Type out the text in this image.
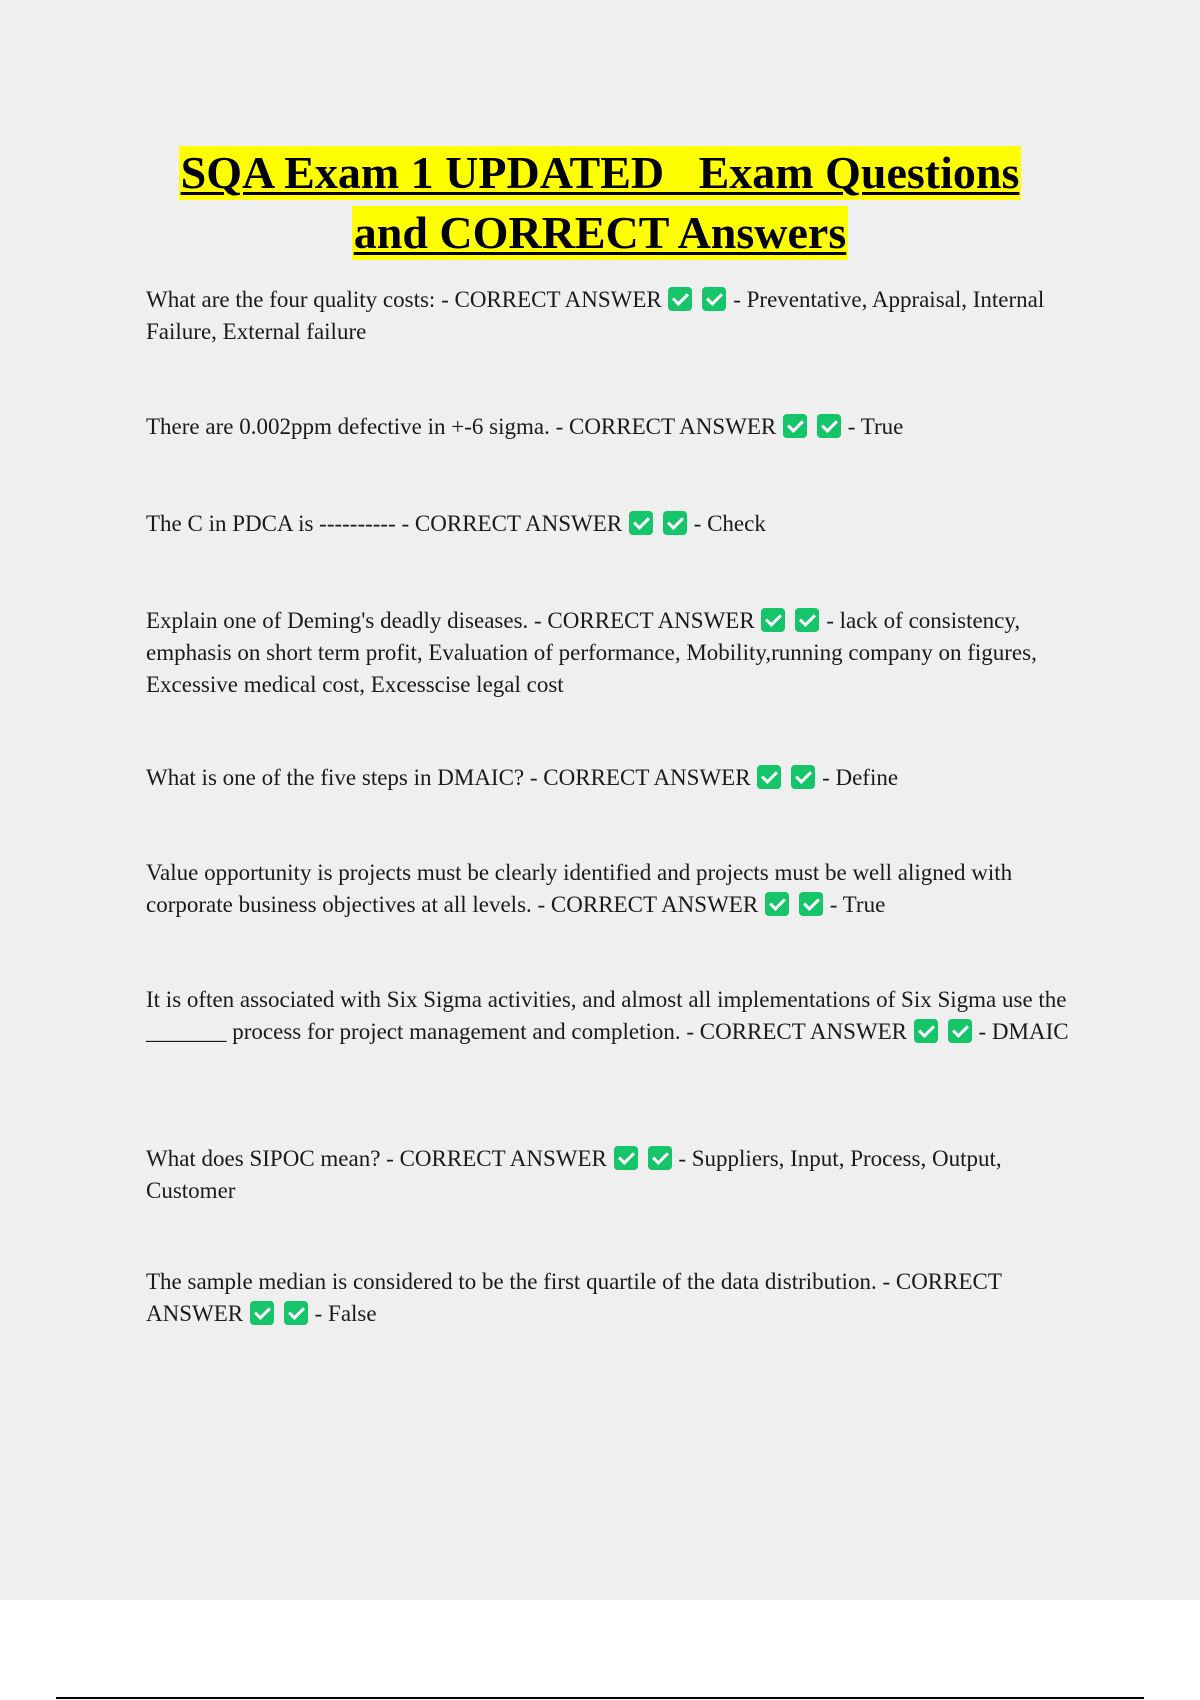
SQA Exam 1 UPDATED   Exam Questions
and CORRECT Answers
What are the four quality costs: - CORRECT ANSWER	- Preventative, Appraisal, Internal Failure, External failure
There are 0.002ppm defective in +-6 sigma. - CORRECT ANSWER	- True
The C in PDCA is ---------- - CORRECT ANSWER	- Check
Explain one of Deming's deadly diseases. - CORRECT ANSWER	- lack of consistency, emphasis on short term profit, Evaluation of performance, Mobility,running company on figures, Excessive medical cost, Excesscise legal cost
What is one of the five steps in DMAIC? - CORRECT ANSWER	- Define
Value opportunity is projects must be clearly identified and projects must be well aligned with corporate business objectives at all levels. - CORRECT ANSWER	- True
It is often associated with Six Sigma activities, and almost all implementations of Six Sigma use the _______ process for project management and completion. - CORRECT ANSWER	- DMAIC
What does SIPOC mean? - CORRECT ANSWER	- Suppliers, Input, Process, Output, Customer
The sample median is considered to be the first quartile of the data distribution. - CORRECT ANSWER	- False
